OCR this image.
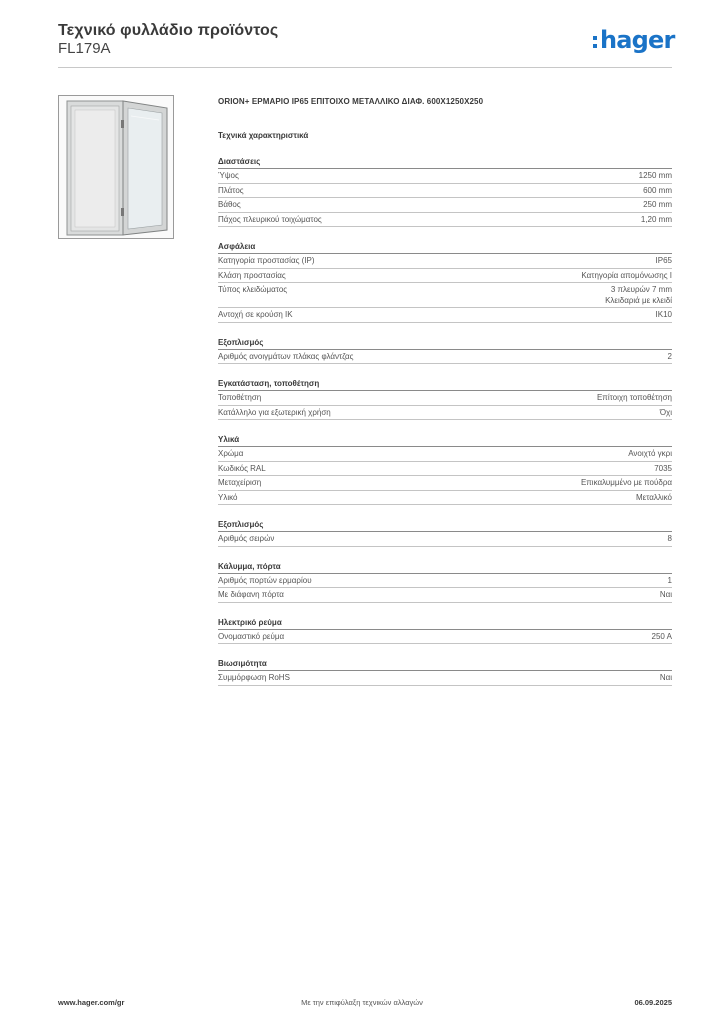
Τεχνικό φυλλάδιο προϊόντος
FL179A	hager
ORION+ ΕΡΜΑΡΙΟ IP65 ΕΠΙΤΟΙΧΟ ΜΕΤΑΛΛΙΚΟ ΔΙΑΦ. 600X1250X250
Τεχνικά χαρακτηριστικά
Διαστάσεις
Ύψος	1250 mm
Πλάτος	600 mm
Βάθος	250 mm
Πάχος πλευρικού τοιχώματος	1,20 mm
Ασφάλεια
Κατηγορία προστασίας (IP)	IP65
Κλάση προστασίας	Κατηγορία απομόνωσης I
Τύπος κλειδώματος	3 πλευρών 7 mm
Κλειδαριά με κλειδί
Αντοχή σε κρούση IK	IK10
Εξοπλισμός
Αριθμός ανοιγμάτων πλάκας φλάντζας	2
Εγκατάσταση, τοποθέτηση
Τοποθέτηση	Επίτοιχη τοποθέτηση
Κατάλληλο για εξωτερική χρήση	Όχι
Υλικά
Χρώμα	Ανοιχτό γκρι
Κωδικός RAL	7035
Μεταχείριση	Επικαλυμμένο με πούδρα
Υλικό	Μεταλλικό
Εξοπλισμός
Αριθμός σειρών	8
Κάλυμμα, πόρτα
Αριθμός πορτών ερμαρίου	1
Με διάφανη πόρτα	Ναι
Ηλεκτρικό ρεύμα
Ονομαστικό ρεύμα	250 A
Βιωσιμότητα
Συμμόρφωση RoHS	Ναι
www.hager.com/gr	Με την επιφύλαξη τεχνικών αλλαγών	06.09.2025
